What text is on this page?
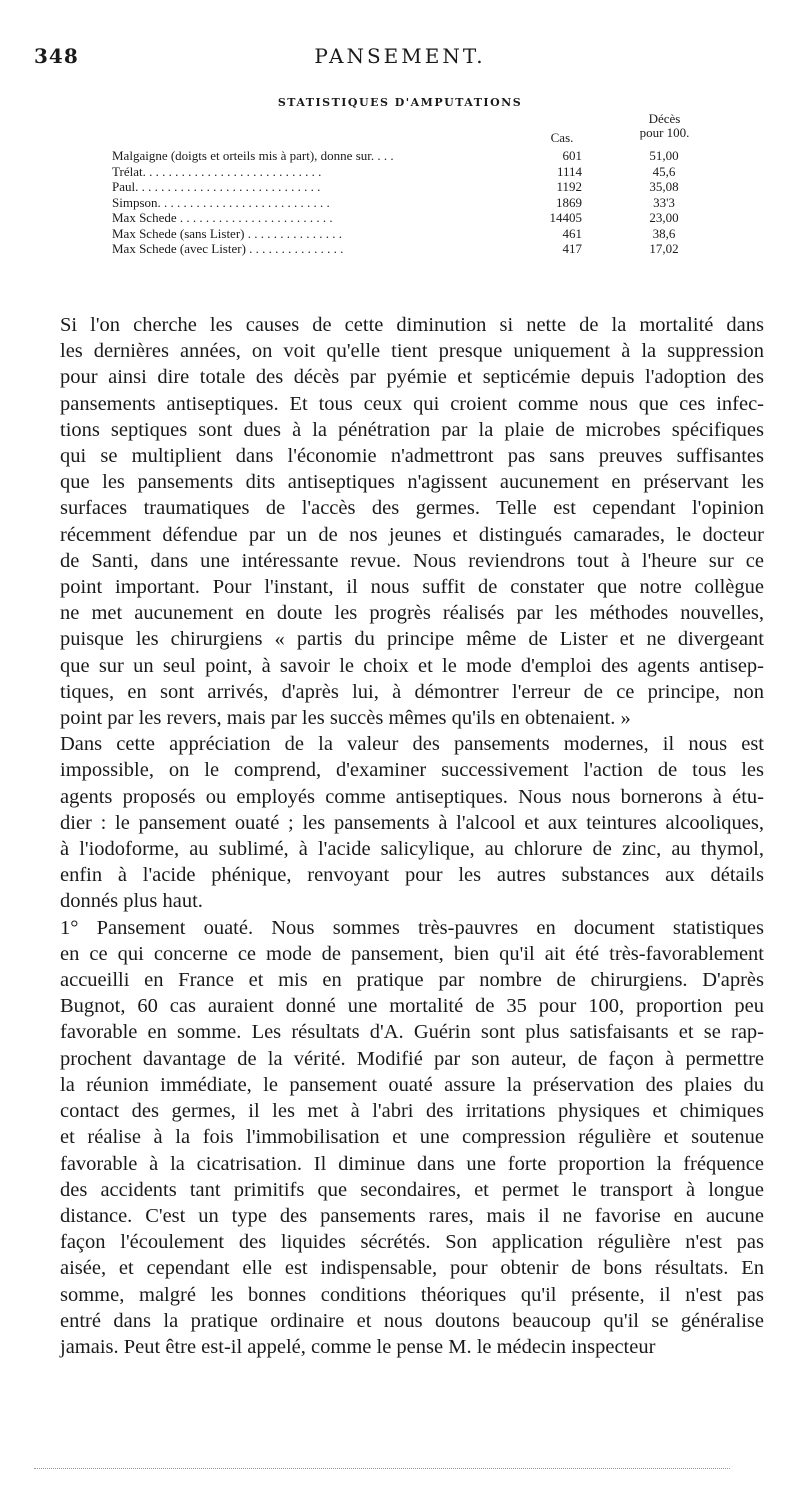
348	PANSEMENT.
STATISTIQUES D'AMPUTATIONS
Cas.
Décès
pour 100.
Malgaigne (doigts et orteils mis à part), donne sur. . . .	601	51,00
Trélat. . . . . . . . . . . . . . . . . . . . . . . . . . . .	1114	45,6
Paul. . . . . . . . . . . . . . . . . . . . . . . . . . . . .	1192	35,08
Simpson. . . . . . . . . . . . . . . . . . . . . . . . . . .	1869	33'3
Max Schede . . . . . . . . . . . . . . . . . . . . . . . .	14405	23,00
Max Schede (sans Lister) . . . . . . . . . . . . . . .	461	38,6
Max Schede (avec Lister) . . . . . . . . . . . . . . .	417	17,02
Si l'on cherche les causes de cette diminution si nette de la mortalité dans
les dernières années, on voit qu'elle tient presque uniquement à la suppression
pour ainsi dire totale des décès par pyémie et septicémie depuis l'adoption des
pansements antiseptiques. Et tous ceux qui croient comme nous que ces infec-
tions septiques sont dues à la pénétration par la plaie de microbes spécifiques
qui se multiplient dans l'économie n'admettront pas sans preuves suffisantes
que les pansements dits antiseptiques n'agissent aucunement en préservant les
surfaces traumatiques de l'accès des germes. Telle est cependant l'opinion
récemment défendue par un de nos jeunes et distingués camarades, le docteur
de Santi, dans une intéressante revue. Nous reviendrons tout à l'heure sur ce
point important. Pour l'instant, il nous suffit de constater que notre collègue
ne met aucunement en doute les progrès réalisés par les méthodes nouvelles,
puisque les chirurgiens « partis du principe même de Lister et ne divergeant
que sur un seul point, à savoir le choix et le mode d'emploi des agents antisep-
tiques, en sont arrivés, d'après lui, à démontrer l'erreur de ce principe, non
point par les revers, mais par les succès mêmes qu'ils en obtenaient. »
Dans cette appréciation de la valeur des pansements modernes, il nous est
impossible, on le comprend, d'examiner successivement l'action de tous les
agents proposés ou employés comme antiseptiques. Nous nous bornerons à étu-
dier : le pansement ouaté ; les pansements à l'alcool et aux teintures alcooliques,
à l'iodoforme, au sublimé, à l'acide salicylique, au chlorure de zinc, au thymol,
enfin à l'acide phénique, renvoyant pour les autres substances aux détails
donnés plus haut.
1° Pansement ouaté. Nous sommes très-pauvres en document statistiques
en ce qui concerne ce mode de pansement, bien qu'il ait été très-favorablement
accueilli en France et mis en pratique par nombre de chirurgiens. D'après
Bugnot, 60 cas auraient donné une mortalité de 35 pour 100, proportion peu
favorable en somme. Les résultats d'A. Guérin sont plus satisfaisants et se rap-
prochent davantage de la vérité. Modifié par son auteur, de façon à permettre
la réunion immédiate, le pansement ouaté assure la préservation des plaies du
contact des germes, il les met à l'abri des irritations physiques et chimiques
et réalise à la fois l'immobilisation et une compression régulière et soutenue
favorable à la cicatrisation. Il diminue dans une forte proportion la fréquence
des accidents tant primitifs que secondaires, et permet le transport à longue
distance. C'est un type des pansements rares, mais il ne favorise en aucune
façon l'écoulement des liquides sécrétés. Son application régulière n'est pas
aisée, et cependant elle est indispensable, pour obtenir de bons résultats. En
somme, malgré les bonnes conditions théoriques qu'il présente, il n'est pas
entré dans la pratique ordinaire et nous doutons beaucoup qu'il se généralise
jamais. Peut être est-il appelé, comme le pense M. le médecin inspecteur
